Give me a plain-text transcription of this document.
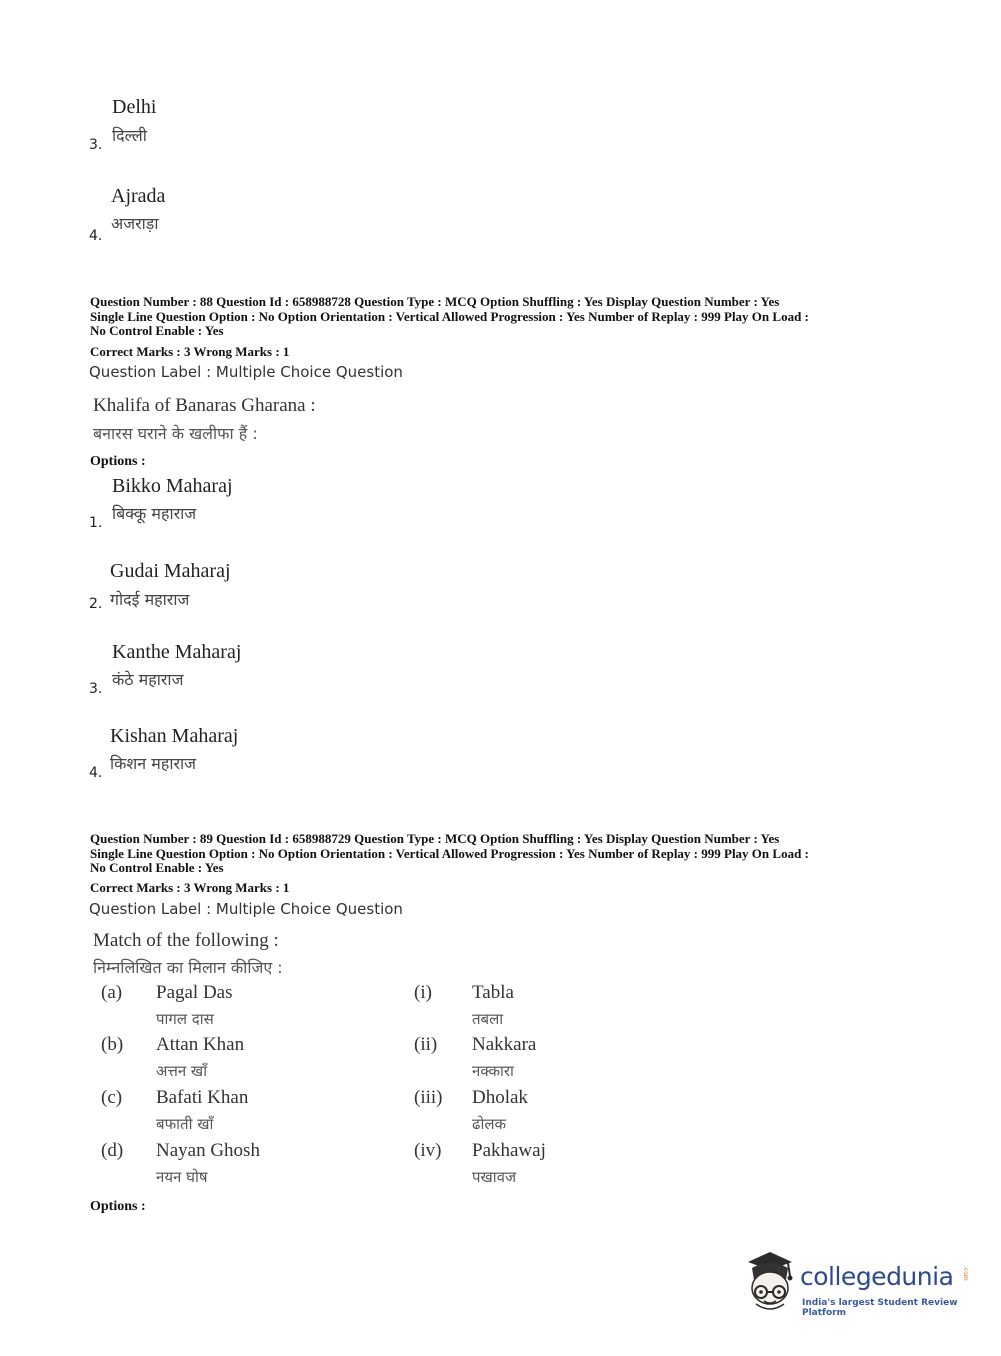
Delhi
दिल्ली
3.
Ajrada
अजराड़ा
4.
Question Number : 88 Question Id : 658988728 Question Type : MCQ Option Shuffling : Yes Display Question Number : Yes
Single Line Question Option : No Option Orientation : Vertical Allowed Progression : Yes Number of Replay : 999 Play On Load :
No Control Enable : Yes
Correct Marks : 3 Wrong Marks : 1
Question Label : Multiple Choice Question
Khalifa of Banaras Gharana :
बनारस घराने के खलीफा हैं :
Options :
Bikko Maharaj
बिक्कू महाराज
1.
Gudai Maharaj
गोदई महाराज
2.
Kanthe Maharaj
कंठे महाराज
3.
Kishan Maharaj
किशन महाराज
4.
Question Number : 89 Question Id : 658988729 Question Type : MCQ Option Shuffling : Yes Display Question Number : Yes
Single Line Question Option : No Option Orientation : Vertical Allowed Progression : Yes Number of Replay : 999 Play On Load :
No Control Enable : Yes
Correct Marks : 3 Wrong Marks : 1
Question Label : Multiple Choice Question
Match of the following :
निम्नलिखित का मिलान कीजिए :
(a) Pagal Das
पागल दास
(i) Tabla
तबला
(b) Attan Khan
अत्तन खाँ
(ii) Nakkara
नक्कारा
(c) Bafati Khan
बफाती खाँ
(iii) Dholak
ढोलक
(d) Nayan Ghosh
नयन घोष
(iv) Pakhawaj
पखावज
Options :
collegedunia .com
India's largest Student Review Platform
